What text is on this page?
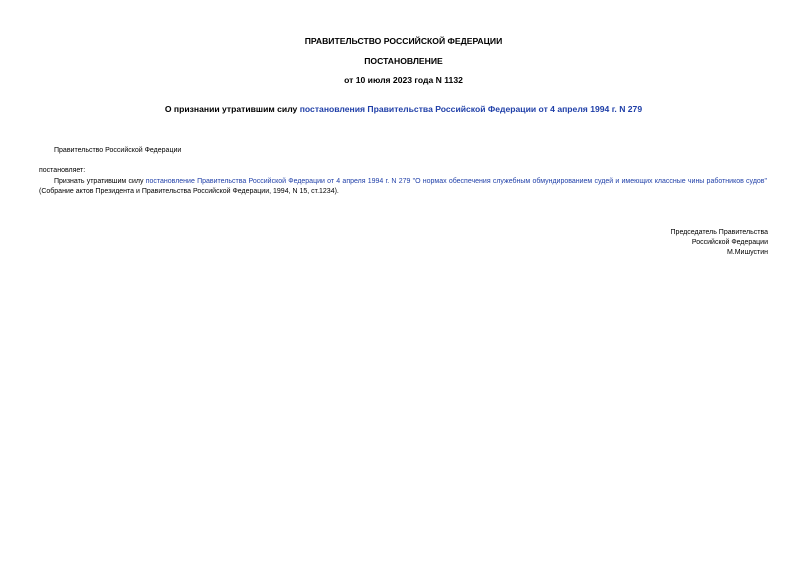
ПРАВИТЕЛЬСТВО РОССИЙСКОЙ ФЕДЕРАЦИИ
ПОСТАНОВЛЕНИЕ
от 10 июля 2023 года N 1132
О признании утратившим силу постановления Правительства Российской Федерации от 4 апреля 1994 г. N 279
Правительство Российской Федерации
постановляет:
Признать утратившим силу постановление Правительства Российской Федерации от 4 апреля 1994 г. N 279 "О нормах обеспечения служебным обмундированием судей и имеющих классные чины работников судов" (Собрание актов Президента и Правительства Российской Федерации, 1994, N 15, ст.1234).
Председатель Правительства
Российской Федерации
М.Мишустин
